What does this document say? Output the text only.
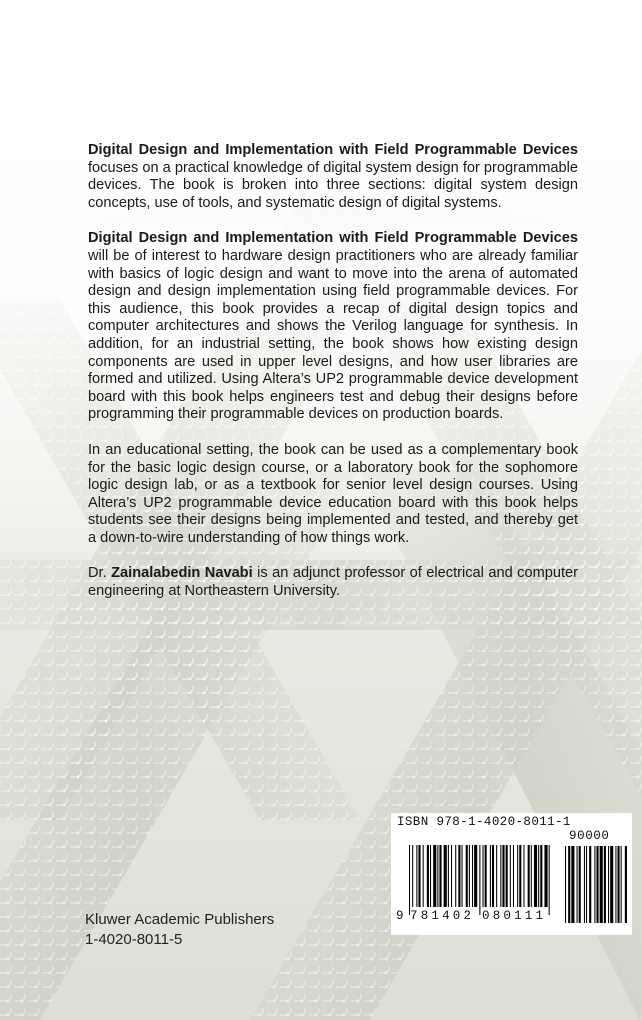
Digital Design and Implementation with Field Programmable Devices focuses on a practical knowledge of digital system design for programmable devices. The book is broken into three sections: digital system design concepts, use of tools, and systematic design of digital systems.

Digital Design and Implementation with Field Programmable Devices will be of interest to hardware design practitioners who are already familiar with basics of logic design and want to move into the arena of automated design and design implementation using field programmable devices. For this audience, this book provides a recap of digital design topics and computer architectures and shows the Verilog language for synthesis. In addition, for an industrial setting, the book shows how existing design components are used in upper level designs, and how user libraries are formed and utilized. Using Altera’s UP2 programmable device development board with this book helps engineers test and debug their designs before programming their programmable devices on production boards.

In an educational setting, the book can be used as a complementary book for the basic logic design course, or a laboratory book for the sophomore logic design lab, or as a textbook for senior level design courses. Using Altera’s UP2 programmable device education board with this book helps students see their designs being implemented and tested, and thereby get a down-to-wire understanding of how things work.

Dr. Zainalabedin Navabi is an adjunct professor of electrical and computer engineering at Northeastern University.

ISBN 978-1-4020-8011-1
90000
9 781402 080111
Kluwer Academic Publishers
1-4020-8011-5
